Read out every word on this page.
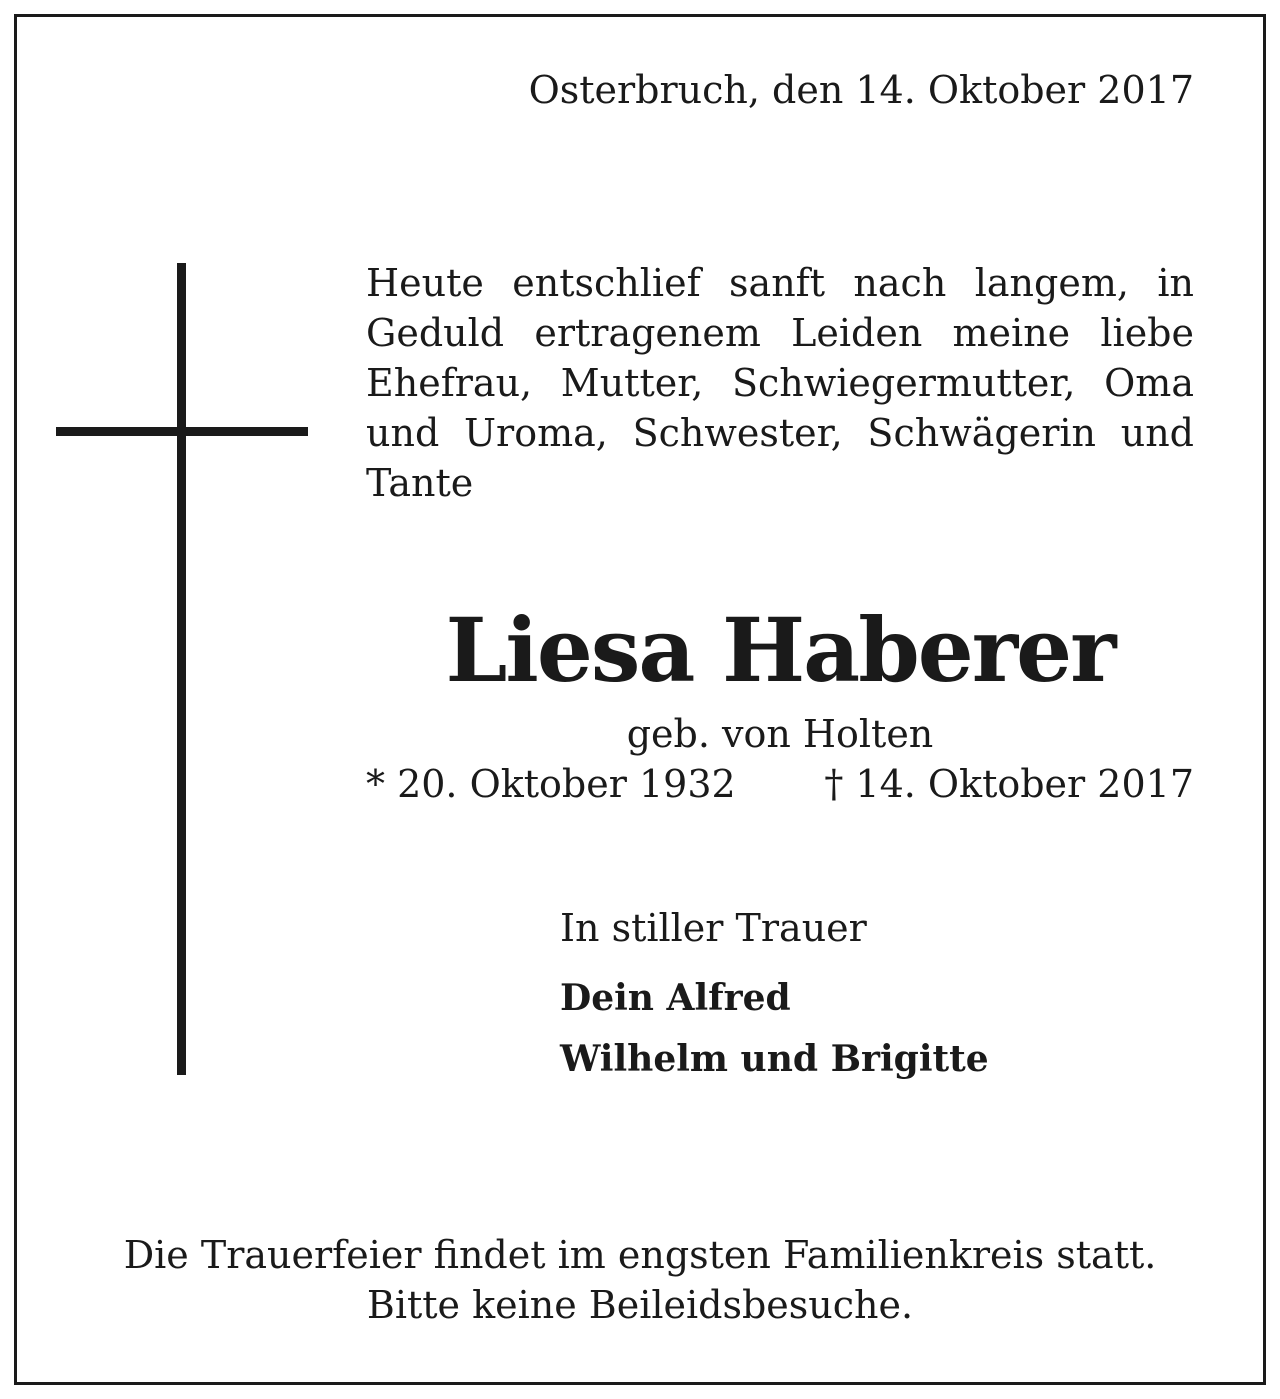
Osterbruch, den 14. Oktober 2017
Heute entschlief sanft nach langem, in Geduld ertragenem Leiden meine liebe Ehefrau, Mutter, Schwiegermutter, Oma und Uroma, Schwester, Schwägerin und Tante
Liesa Haberer
geb. von Holten
* 20. Oktober 1932 † 14. Oktober 2017
In stiller Trauer
Dein Alfred
Wilhelm und Brigitte
Die Trauerfeier findet im engsten Familienkreis statt.
Bitte keine Beileidsbesuche.
